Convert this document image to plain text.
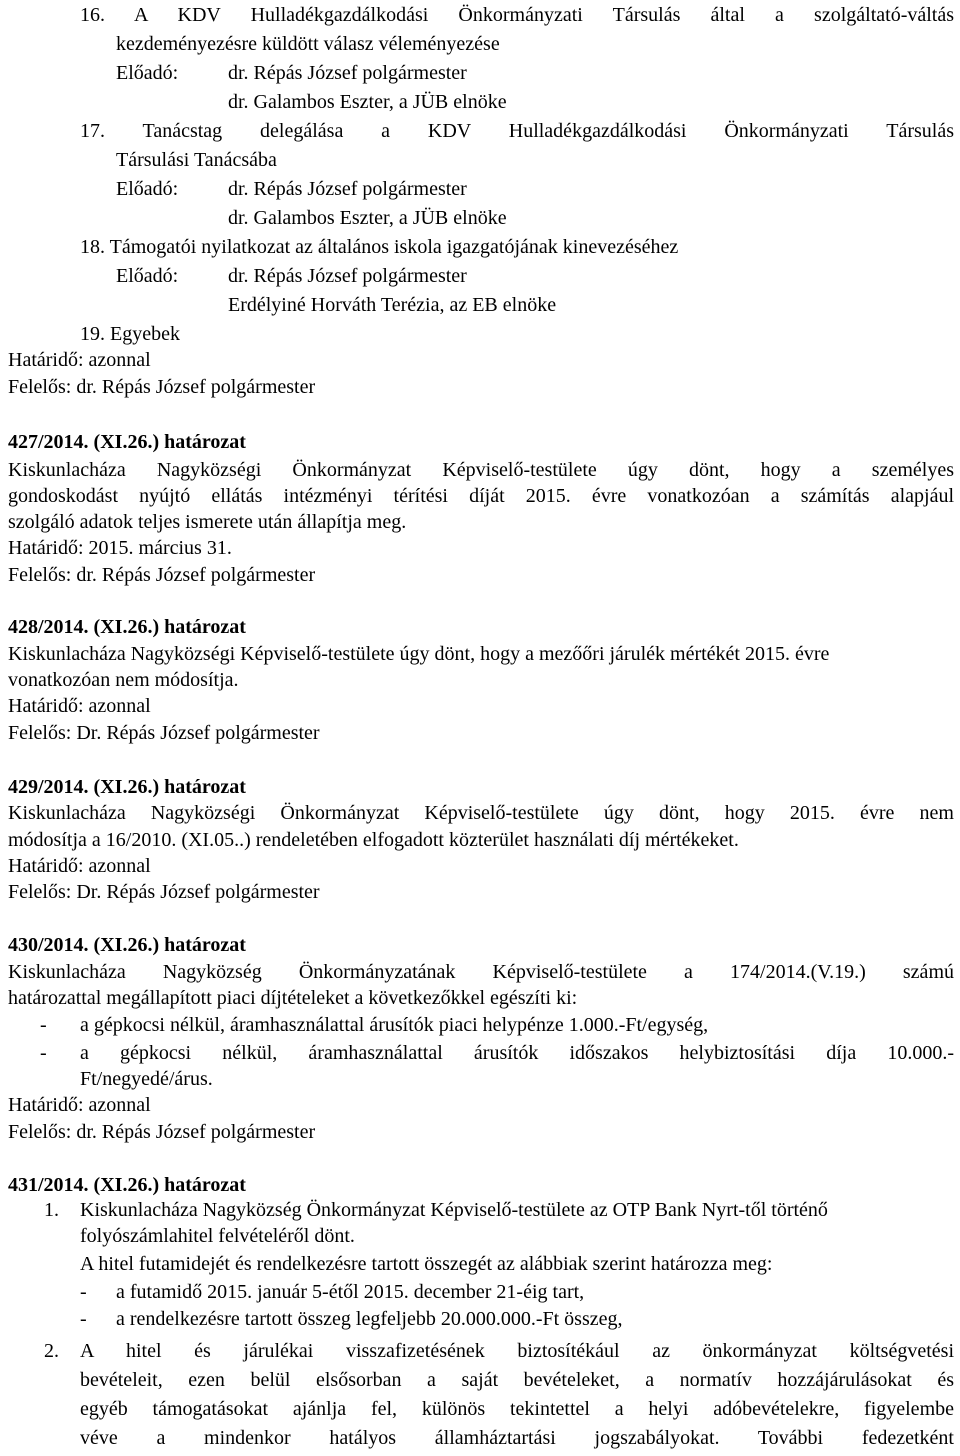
16. A KDV Hulladékgazdálkodási Önkormányzati Társulás által a szolgáltató-váltás
kezdeményezésre küldött válasz véleményezése
Előadó: dr. Répás József polgármester
dr. Galambos Eszter, a JÜB elnöke
17. Tanácstag delegálása a KDV Hulladékgazdálkodási Önkormányzati Társulás
Társulási Tanácsába
Előadó: dr. Répás József polgármester
dr. Galambos Eszter, a JÜB elnöke
18. Támogatói nyilatkozat az általános iskola igazgatójának kinevezéséhez
Előadó: dr. Répás József polgármester
Erdélyiné Horváth Terézia, az EB elnöke
19. Egyebek
Határidő: azonnal
Felelős: dr. Répás József polgármester
427/2014. (XI.26.) határozat
Kiskunlacháza Nagyközségi Önkormányzat Képviselő-testülete úgy dönt, hogy a személyes
gondoskodást nyújtó ellátás intézményi térítési díját 2015. évre vonatkozóan a számítás alapjául
szolgáló adatok teljes ismerete után állapítja meg.
Határidő: 2015. március 31.
Felelős: dr. Répás József polgármester
428/2014. (XI.26.) határozat
Kiskunlacháza Nagyközségi Képviselő-testülete úgy dönt, hogy a mezőőri járulék mértékét 2015. évre
vonatkozóan nem módosítja.
Határidő: azonnal
Felelős: Dr. Répás József polgármester
429/2014. (XI.26.) határozat
Kiskunlacháza Nagyközségi Önkormányzat Képviselő-testülete úgy dönt, hogy 2015. évre nem
módosítja a 16/2010. (XI.05..) rendeletében elfogadott közterület használati díj mértékeket.
Határidő: azonnal
Felelős: Dr. Répás József polgármester
430/2014. (XI.26.) határozat
Kiskunlacháza Nagyközség Önkormányzatának Képviselő-testülete a 174/2014.(V.19.) számú
határozattal megállapított piaci díjtételeket a következőkkel egészíti ki:
- a gépkocsi nélkül, áramhasználattal árusítók piaci helypénze 1.000.-Ft/egység,
- a gépkocsi nélkül, áramhasználattal árusítók időszakos helybiztosítási díja 10.000.-
Ft/negyedé/árus.
Határidő: azonnal
Felelős: dr. Répás József polgármester
431/2014. (XI.26.) határozat
1. Kiskunlacháza Nagyközség Önkormányzat Képviselő-testülete az OTP Bank Nyrt-től történő
folyószámlahitel felvételéről dönt.
A hitel futamidejét és rendelkezésre tartott összegét az alábbiak szerint határozza meg:
- a futamidő 2015. január 5-étől 2015. december 21-éig tart,
- a rendelkezésre tartott összeg legfeljebb 20.000.000.-Ft összeg,
2. A hitel és járulékai visszafizetésének biztosítékául az önkormányzat költségvetési
bevételeit, ezen belül elsősorban a saját bevételeket, a normatív hozzájárulásokat és
egyéb támogatásokat ajánlja fel, különös tekintettel a helyi adóbevételekre, figyelembe
véve a mindenkor hatályos államháztartási jogszabályokat. További fedezetként
